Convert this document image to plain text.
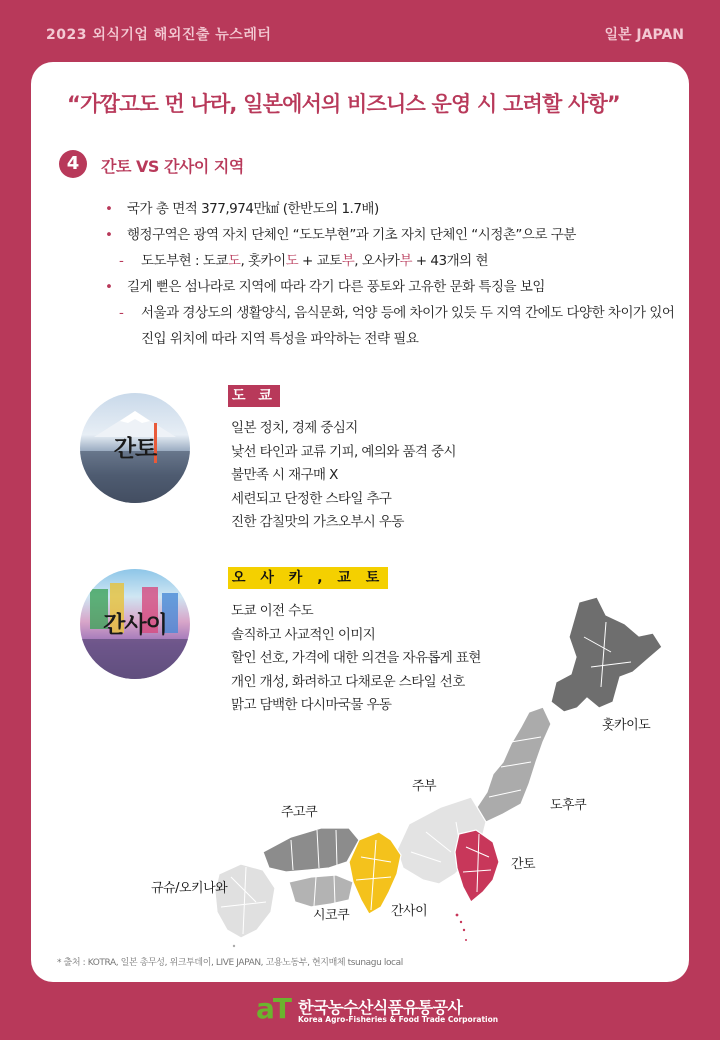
2023 외식기업 해외진출 뉴스레터	일본 JAPAN
“가깝고도 먼 나라, 일본에서의 비즈니스 운영 시 고려할 사항”
4	간토 VS 간사이 지역
• 국가 총 면적 377,974만㎢ (한반도의 1.7배)
• 행정구역은 광역 자치 단체인 “도도부현”과 기초 자치 단체인 “시정촌”으로 구분
- 도도부현 : 도쿄도, 홋카이도 + 교토부, 오사카부 + 43개의 현
• 길게 뻗은 섬나라로 지역에 따라 각기 다른 풍토와 고유한 문화 특징을 보임
- 서울과 경상도의 생활양식, 음식문화, 억양 등에 차이가 있듯 두 지역 간에도 다양한 차이가 있어 진입 위치에 따라 지역 특성을 파악하는 전략 필요
홋카이도
주부
도후쿠
주고쿠
규슈/오키나와
간토
시코쿠	간사이
간토
도 쿄
일본 정치, 경제 중심지
낯선 타인과 교류 기피, 예의와 품격 중시
불만족 시 재구매 X
세련되고 단정한 스타일 추구
진한 감칠맛의 가츠오부시 우동
간사이
오 사 카 , 교 토
도쿄 이전 수도
솔직하고 사교적인 이미지
할인 선호, 가격에 대한 의견을 자유롭게 표현
개인 개성, 화려하고 다채로운 스타일 선호
맑고 담백한 다시마국물 우동
* 출처 : KOTRA, 일본 총무성, 위크투데이, LIVE JAPAN, 고용노동부, 현지매체 tsunagu local
aT 한국농수산식품유통공사
Korea Agro-Fisheries & Food Trade Corporation
